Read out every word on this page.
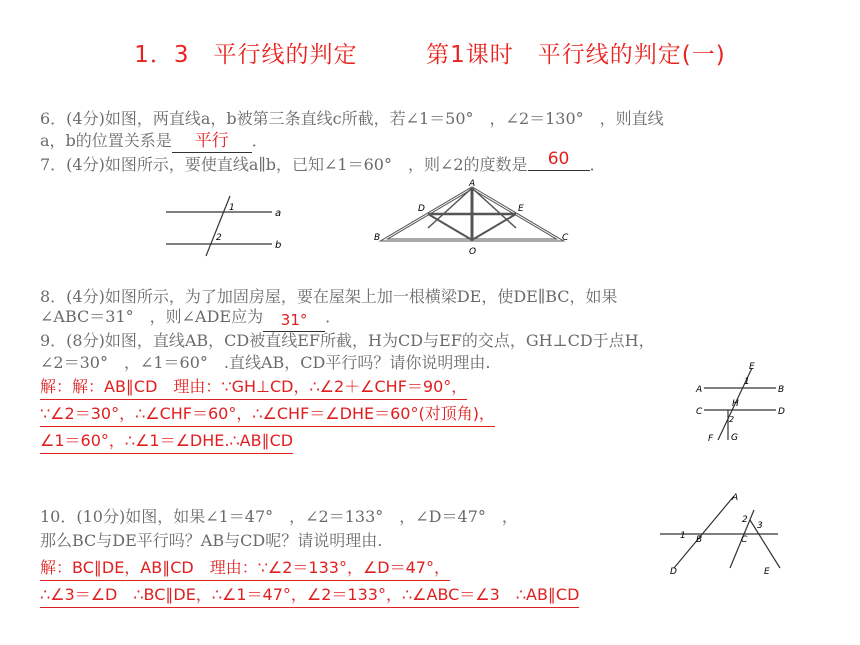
1．3　平行线的判定	第1课时　平行线的判定(一)
6．(4分)如图，两直线a，b被第三条直线c所截，若∠1＝50°　，∠2＝130°　，则直线
a，b的位置关系是 平行 ．
7．(4分)如图所示，要使直线a∥b，已知∠1＝60°　，则∠2的度数是 60 ．
a
b
1
2
A
B	C
D	E
O
8．(4分)如图所示，为了加固房屋，要在屋架上加一根横梁DE，使DE∥BC，如果
∠ABC＝31°　，则∠ADE应为 31° ．
9．(8分)如图，直线AB，CD被直线EF所截，H为CD与EF的交点，GH⊥CD于点H，
∠2＝30°　，∠1＝60°　.直线AB，CD平行吗？请你说明理由.
解：解：AB∥CD　理由：∵GH⊥CD，∴∠2＋∠CHF＝90°，
∵∠2＝30°，∴∠CHF＝60°，∴∠CHF＝∠DHE＝60°(对顶角)，
∠1＝60°，∴∠1＝∠DHE.∴AB∥CD
A	B
C	D
E
F G
H
1
2
10．(10分)如图，如果∠1＝47°　，∠2＝133°　，∠D＝47°　，
那么BC与DE平行吗？AB与CD呢？请说明理由.
解：BC∥DE，AB∥CD　理由：∵∠2＝133°，∠D＝47°，
∴∠3＝∠D　∴BC∥DE，∴∠1＝47°，∠2＝133°，∴∠ABC＝∠3　∴AB∥CD
A
B	C
D	E
1
2
3
